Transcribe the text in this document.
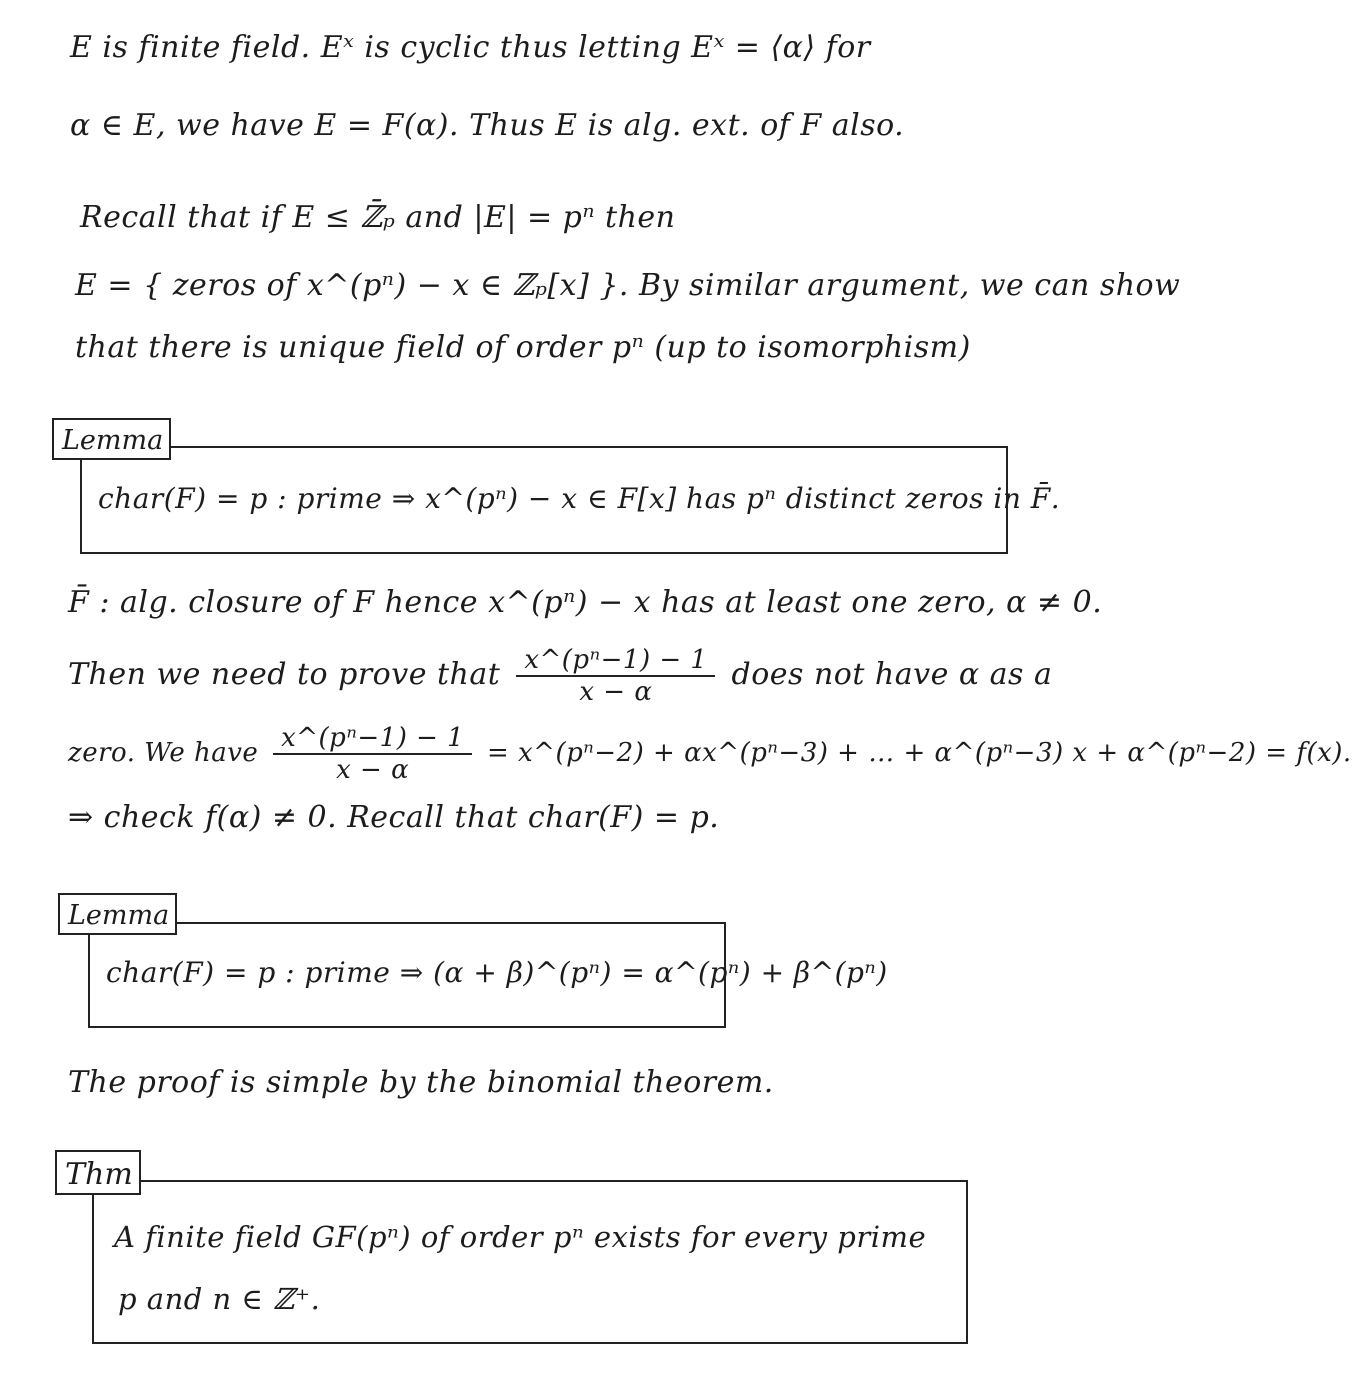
E is finite field. Eˣ is cyclic thus letting Eˣ = ⟨α⟩ for
α ∈ E, we have E = F(α). Thus E is alg. ext. of F also.
Recall that if E ≤ ℤ̄ₚ and |E| = pⁿ then
E = { zeros of x^(pⁿ) − x ∈ ℤₚ[x] }. By similar argument, we can show
that there is unique field of order pⁿ (up to isomorphism)
char(F) = p : prime ⇒ x^(pⁿ) − x ∈ F[x] has pⁿ distinct zeros in F̄.
Lemma
F̄ : alg. closure of F hence x^(pⁿ) − x has at least one zero, α ≠ 0.
Then we need to prove that $\frac{\text{x\textasciicircum{}(pⁿ−1) − 1}}{x - \alpha}$ does not have α as a
zero. We have $\frac{\text{x\textasciicircum{}(pⁿ−1) − 1}}{x - \alpha}$ = x^(pⁿ−2) + αx^(pⁿ−3) + … + α^(pⁿ−3) x + α^(pⁿ−2) = f(x).
⇒ check f(α) ≠ 0. Recall that char(F) = p.
char(F) = p : prime ⇒ (α + β)^(pⁿ) = α^(pⁿ) + β^(pⁿ)
Lemma
The proof is simple by the binomial theorem.
A finite field GF(pⁿ) of order pⁿ exists for every prime
p and n ∈ ℤ⁺.
Thm
